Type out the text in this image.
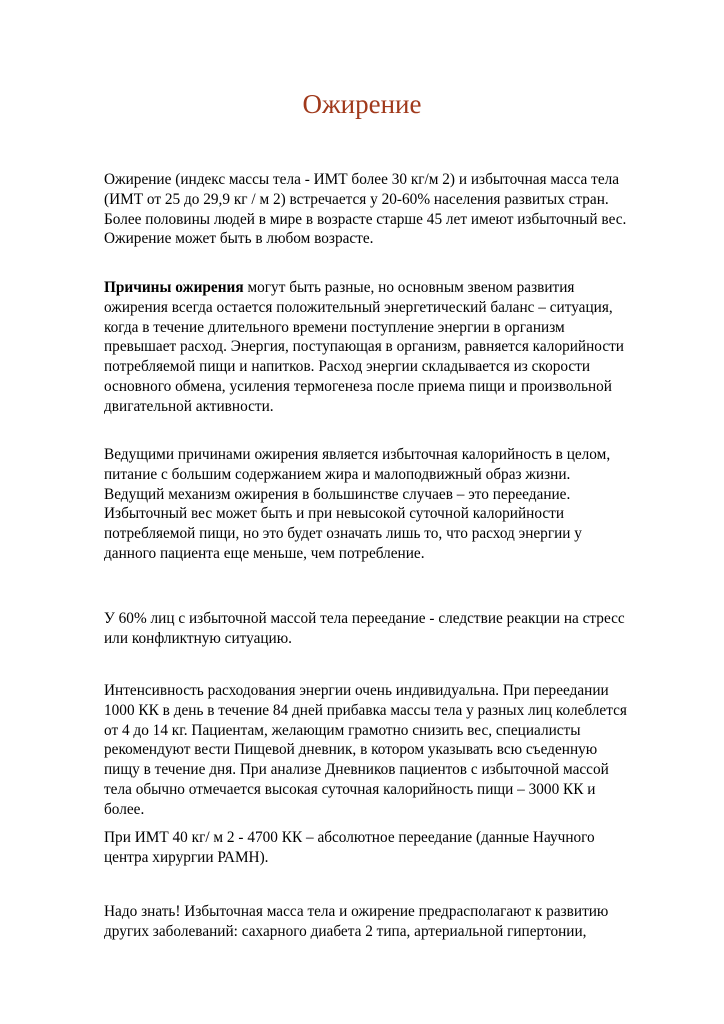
Ожирение

Ожирение (индекс массы тела - ИМТ более 30 кг/м 2) и избыточная масса тела
(ИМТ от 25 до 29,9 кг / м 2) встречается у 20-60% населения развитых стран.
Более половины людей в мире в возрасте старше 45 лет имеют избыточный вес.
Ожирение может быть в любом возрасте.

Причины ожирения могут быть разные, но основным звеном развития
ожирения всегда остается положительный энергетический баланс – ситуация,
когда в течение длительного времени поступление энергии в организм
превышает расход. Энергия, поступающая в организм, равняется калорийности
потребляемой пищи и напитков. Расход энергии складывается из скорости
основного обмена, усиления термогенеза после приема пищи и произвольной
двигательной активности.

Ведущими причинами ожирения является избыточная калорийность в целом,
питание с большим содержанием жира и малоподвижный образ жизни.
Ведущий механизм ожирения в большинстве случаев – это переедание.
Избыточный вес может быть и при невысокой суточной калорийности
потребляемой пищи, но это будет означать лишь то, что расход энергии у
данного пациента еще меньше, чем потребление.

У 60% лиц с избыточной массой тела переедание - следствие реакции на стресс
или конфликтную ситуацию.

Интенсивность расходования энергии очень индивидуальна. При переедании
1000 КК в день в течение 84 дней прибавка массы тела у разных лиц колеблется
от 4 до 14 кг. Пациентам, желающим грамотно снизить вес, специалисты
рекомендуют вести Пищевой дневник, в котором указывать всю съеденную
пищу в течение дня. При анализе Дневников пациентов с избыточной массой
тела обычно отмечается высокая суточная калорийность пищи – 3000 КК и
более.

При ИМТ 40 кг/ м 2 - 4700 КК – абсолютное переедание (данные Научного
центра хирургии РАМН).

Надо знать! Избыточная масса тела и ожирение предрасполагают к развитию
других заболеваний: сахарного диабета 2 типа, артериальной гипертонии,
